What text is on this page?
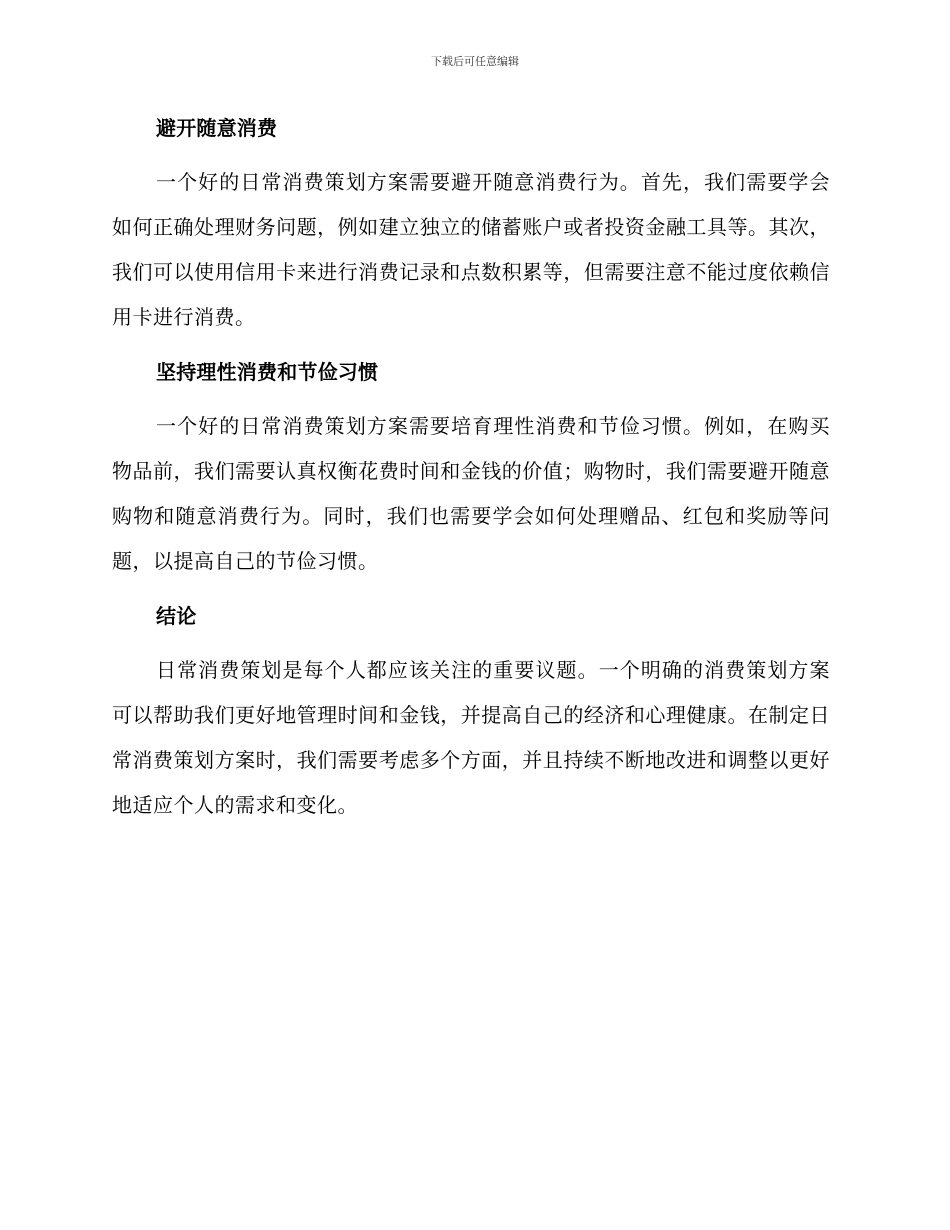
下载后可任意编辑
避开随意消费

一个好的日常消费策划方案需要避开随意消费行为。首先，我们需要学会如何正确处理财务问题，例如建立独立的储蓄账户或者投资金融工具等。其次，我们可以使用信用卡来进行消费记录和点数积累等，但需要注意不能过度依赖信用卡进行消费。

坚持理性消费和节俭习惯

一个好的日常消费策划方案需要培育理性消费和节俭习惯。例如，在购买物品前，我们需要认真权衡花费时间和金钱的价值；购物时，我们需要避开随意购物和随意消费行为。同时，我们也需要学会如何处理赠品、红包和奖励等问题，以提高自己的节俭习惯。

结论

日常消费策划是每个人都应该关注的重要议题。一个明确的消费策划方案可以帮助我们更好地管理时间和金钱，并提高自己的经济和心理健康。在制定日常消费策划方案时，我们需要考虑多个方面，并且持续不断地改进和调整以更好地适应个人的需求和变化。
